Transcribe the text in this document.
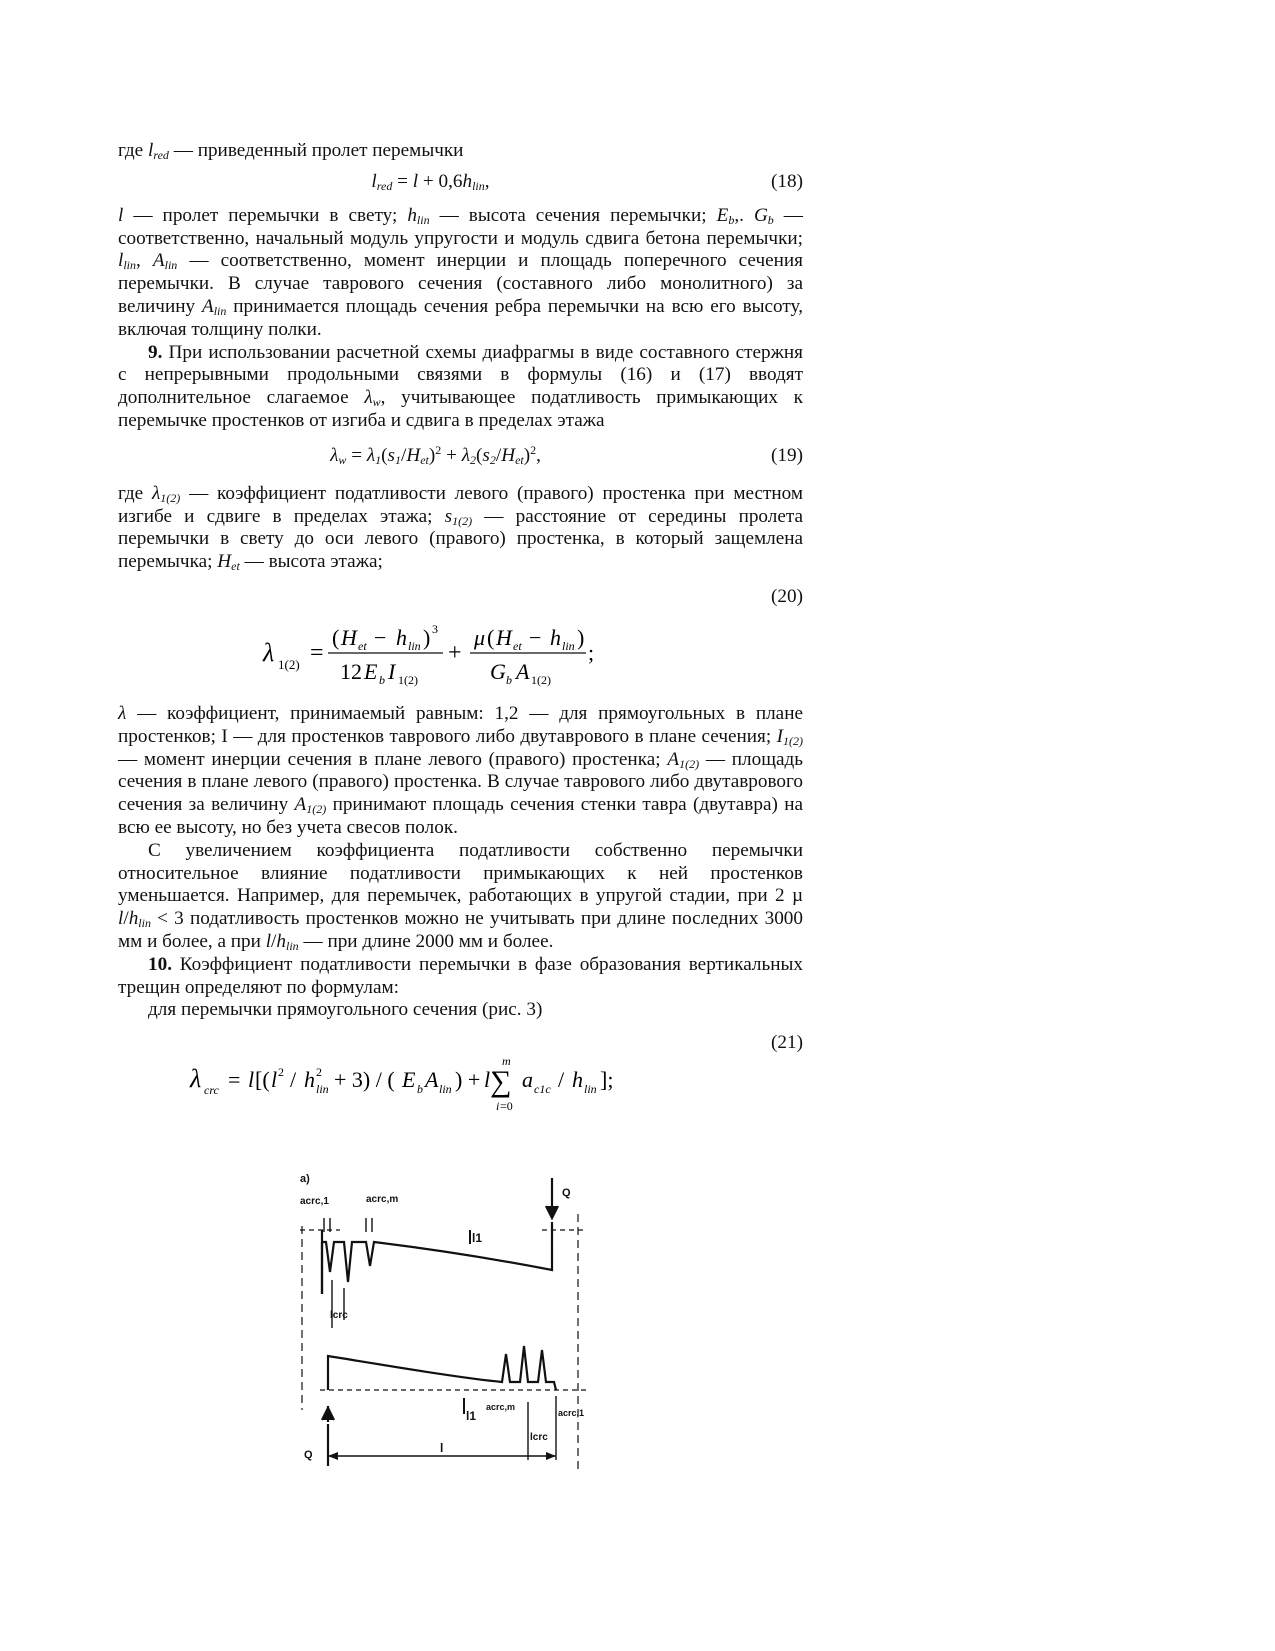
где $l_{red}$ — приведенный пролет перемычки

$l_{red} = l + 0,6h_{lin}$,	(18)

l — пролет перемычки в свету; $h_{lin}$ — высота сечения перемычки; $E_b$,. $G_b$ — соответственно, начальный модуль упругости и модуль сдвига бетона перемычки; $l_{lin}$, $A_{lin}$ — соответственно, момент инерции и площадь поперечного сечения перемычки. В случае таврового сечения (составного либо монолитного) за величину $A_{lin}$ принимается площадь сечения ребра перемычки на всю его высоту, включая толщину полки.

9. При использовании расчетной схемы диафрагмы в виде составного стержня с непрерывными продольными связями в формулы (16) и (17) вводят дополнительное слагаемое $\lambda_w$, учитывающее податливость примыкающих к перемычке простенков от изгиба и сдвига в пределах этажа

$\lambda_w = \lambda_1(s_1/H_{et})^2 + \lambda_2(s_2/H_{et})^2$,	(19)

где $\lambda_{1(2)}$ — коэффициент податливости левого (правого) простенка при местном изгибе и сдвиге в пределах этажа; $s_{1(2)}$ — расстояние от середины пролета перемычки в свету до оси левого (правого) простенка, в который защемлена перемычка; $H_{et}$ — высота этажа;

(20)
λ 1(2) =
( H et − h lin ) 3
12 E b I 1(2)
+
μ ( H et − h lin )
G b A 1(2)
;

λ — коэффициент, принимаемый равным: 1,2 — для прямоугольных в плане простенков; I — для простенков таврового либо двутаврового в плане сечения; $I_{1(2)}$ — момент инерции сечения в плане левого (правого) простенка; $A_{1(2)}$ — площадь сечения в плане левого (правого) простенка. В случае таврового либо двутаврового сечения за величину $A_{1(2)}$ принимают площадь сечения стенки тавра (двутавра) на всю ее высоту, но без учета свесов полок.

С увеличением коэффициента податливости собственно перемычки относительное влияние податливости примыкающих к ней простенков уменьшается. Например, для перемычек, работающих в упругой стадии, при 2 µ $l/h_{lin} < 3$ податливость простенков можно не учитывать при длине последних 3000 мм и более, а при $l/h_{lin}$ — при длине 2000 мм и более.

10. Коэффициент податливости перемычки в фазе образования вертикальных трещин определяют по формулам:

для перемычки прямоугольного сечения (рис. 3)

(21)
λ crc = l [( l 2 / h 2
lin + 3) / ( E b A lin ) + l
m
∑
i =0
a c1c / h lin ];
а)
acrc,1	acrc,m
l1
Q
lcrc
Q
l1
acrc,m
acrc,1
lcrc
l
